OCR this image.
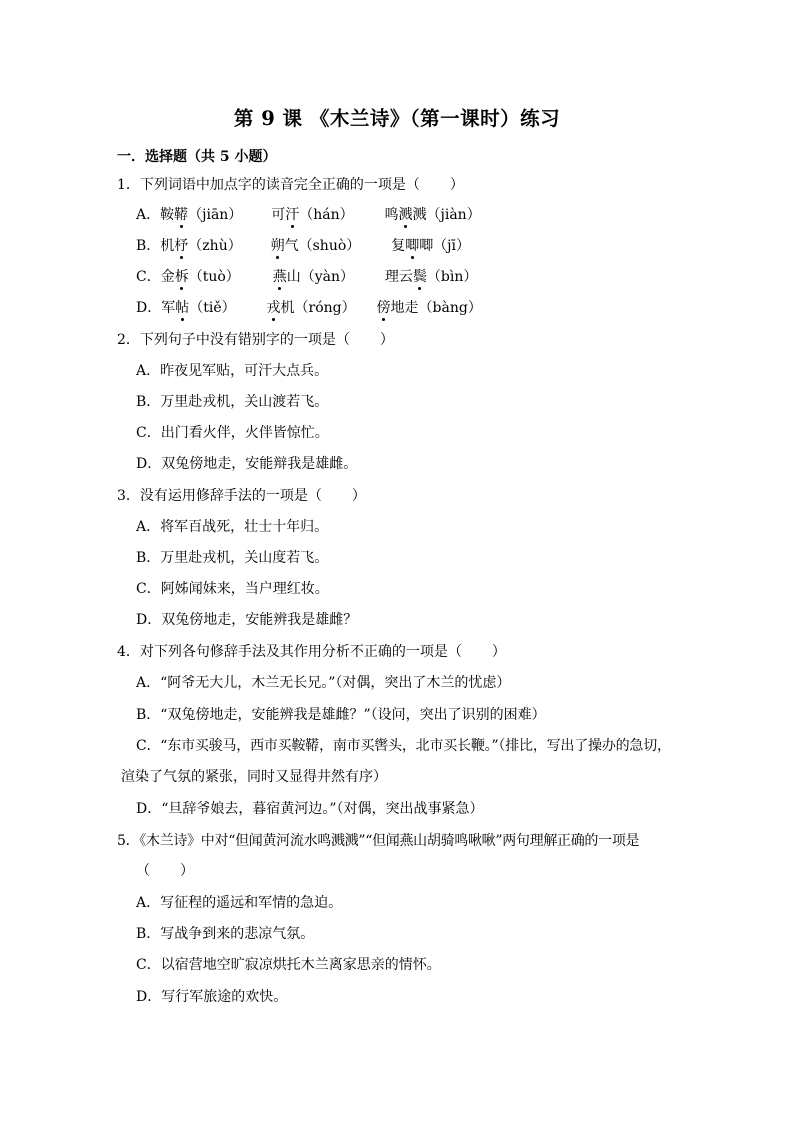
第 9 课 《木兰诗》（第一课时）练习
一．选择题（共 5 小题）
1．下列词语中加点字的读音完全正确的一项是（ ）
A．鞍鞯（jiān） 可汗（hán） 鸣溅溅（jiàn）
B．机杼（zhù） 朔气（shuò） 复唧唧（jī）
C．金柝（tuò） 燕山（yàn） 理云鬓（bìn）
D．军帖（tiě） 戎机（róng） 傍地走（bàng）
2．下列句子中没有错别字的一项是（ ）
A．昨夜见军贴，可汗大点兵。
B．万里赴戎机，关山渡若飞。
C．出门看火伴，火伴皆惊忙。
D．双兔傍地走，安能辩我是雄雌。
3．没有运用修辞手法的一项是（ ）
A．将军百战死，壮士十年归。
B．万里赴戎机，关山度若飞。
C．阿姊闻妹来，当户理红妆。
D．双兔傍地走，安能辨我是雄雌？
4．对下列各句修辞手法及其作用分析不正确的一项是（ ）
A．“阿爷无大儿，木兰无长兄。”（对偶，突出了木兰的忧虑）
B．“双兔傍地走，安能辨我是雄雌？”（设问，突出了识别的困难）
C．“东市买骏马，西市买鞍鞯，南市买辔头，北市买长鞭。”（排比，写出了操办的急切，
渲染了气氛的紧张，同时又显得井然有序）
D．“旦辞爷娘去，暮宿黄河边。”（对偶，突出战事紧急）
5．《木兰诗》中对“但闻黄河流水鸣溅溅”“但闻燕山胡骑鸣啾啾”两句理解正确的一项是
（ ）
A．写征程的遥远和军情的急迫。
B．写战争到来的悲凉气氛。
C．以宿营地空旷寂凉烘托木兰离家思亲的情怀。
D．写行军旅途的欢快。
